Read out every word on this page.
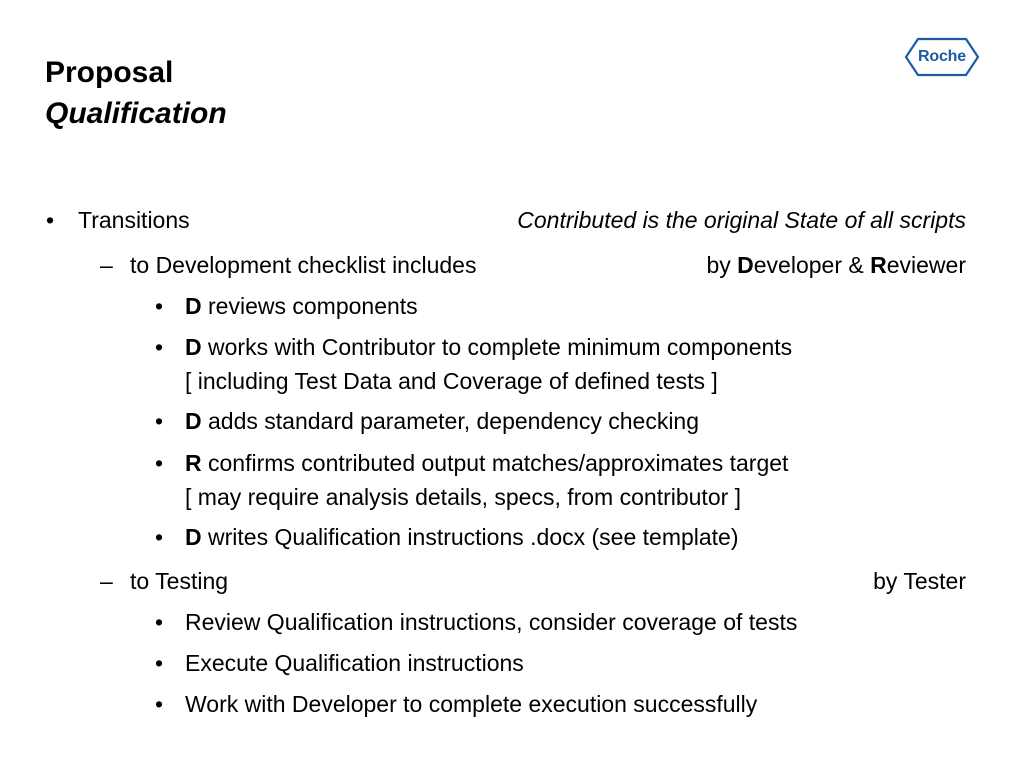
Proposal
Qualification
Roche
• Transitions	Contributed is the original State of all scripts
– to Development checklist includes	by Developer & Reviewer
• D reviews components
• D works with Contributor to complete minimum components
[ including Test Data and Coverage of defined tests ]
• D adds standard parameter, dependency checking
• R confirms contributed output matches/approximates target
[ may require analysis details, specs, from contributor ]
• D writes Qualification instructions .docx (see template)
– to Testing	by Tester
• Review Qualification instructions, consider coverage of tests
• Execute Qualification instructions
• Work with Developer to complete execution successfully
